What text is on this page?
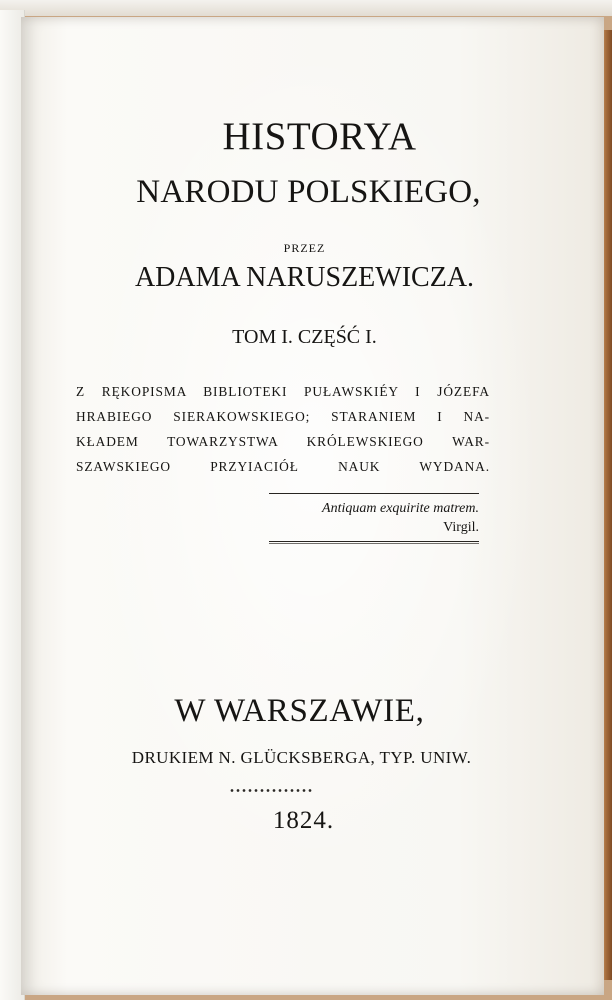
HISTORYA
NARODU POLSKIEGO,
PRZEZ
ADAMA NARUSZEWICZA.
TOM I. CZĘŚĆ I.
Z RĘKOPISMA BIBLIOTEKI PUŁAWSKIÉY I JÓZEFA
HRABIEGO SIERAKOWSKIEGO; STARANIEM I NA-
KŁADEM TOWARZYSTWA KRÓLEWSKIEGO WAR-
SZAWSKIEGO PRZYIACIÓŁ NAUK WYDANA.
Antiquam exquirite matrem.
Virgil.
W WARSZAWIE,
DRUKIEM N. GLÜCKSBERGA, TYP. UNIW.
1824.
